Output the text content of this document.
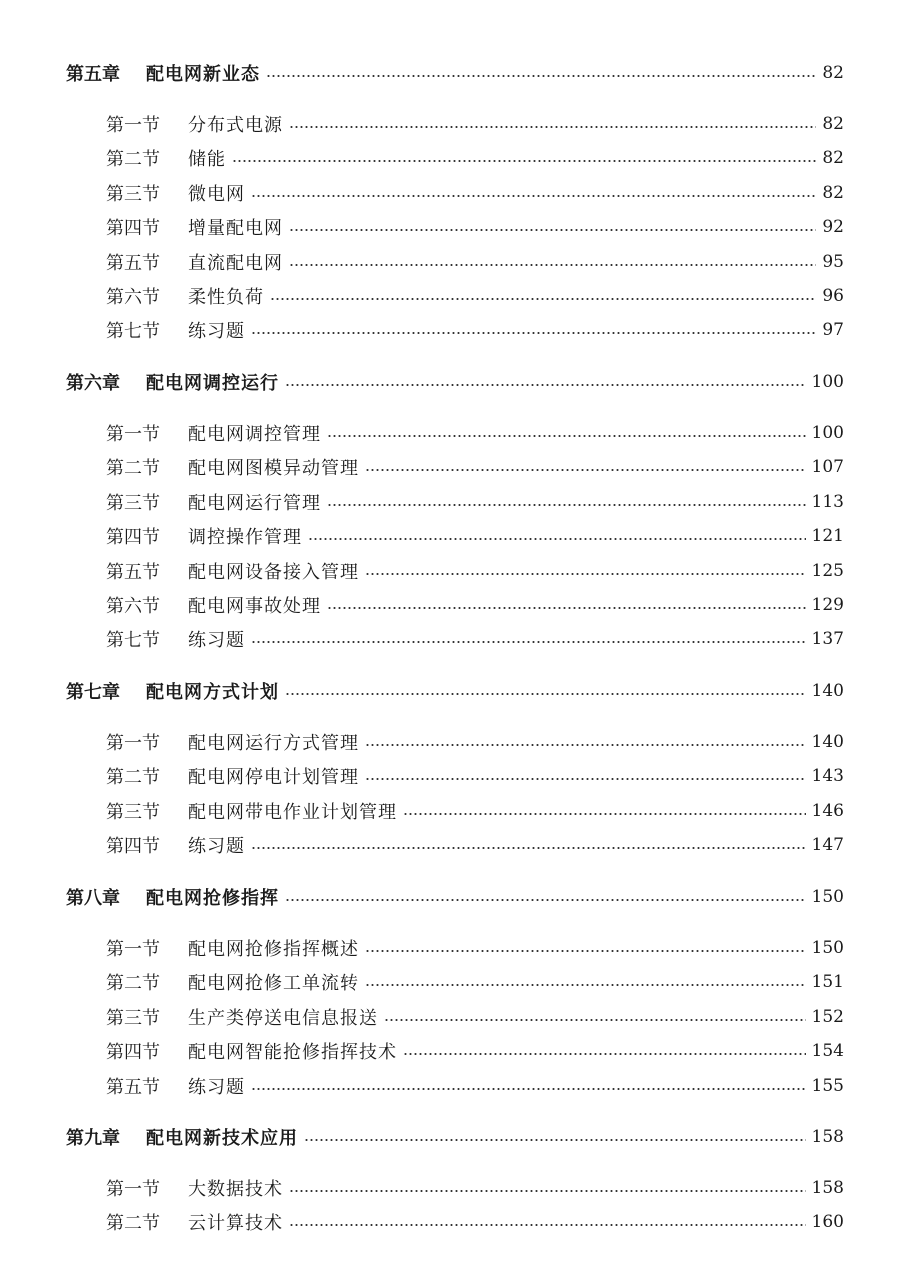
第五章	配电网新业态	82
第一节	分布式电源	82
第二节	储能	82
第三节	微电网	82
第四节	增量配电网	92
第五节	直流配电网	95
第六节	柔性负荷	96
第七节	练习题	97
第六章	配电网调控运行	100
第一节	配电网调控管理	100
第二节	配电网图模异动管理	107
第三节	配电网运行管理	113
第四节	调控操作管理	121
第五节	配电网设备接入管理	125
第六节	配电网事故处理	129
第七节	练习题	137
第七章	配电网方式计划	140
第一节	配电网运行方式管理	140
第二节	配电网停电计划管理	143
第三节	配电网带电作业计划管理	146
第四节	练习题	147
第八章	配电网抢修指挥	150
第一节	配电网抢修指挥概述	150
第二节	配电网抢修工单流转	151
第三节	生产类停送电信息报送	152
第四节	配电网智能抢修指挥技术	154
第五节	练习题	155
第九章	配电网新技术应用	158
第一节	大数据技术	158
第二节	云计算技术	160
